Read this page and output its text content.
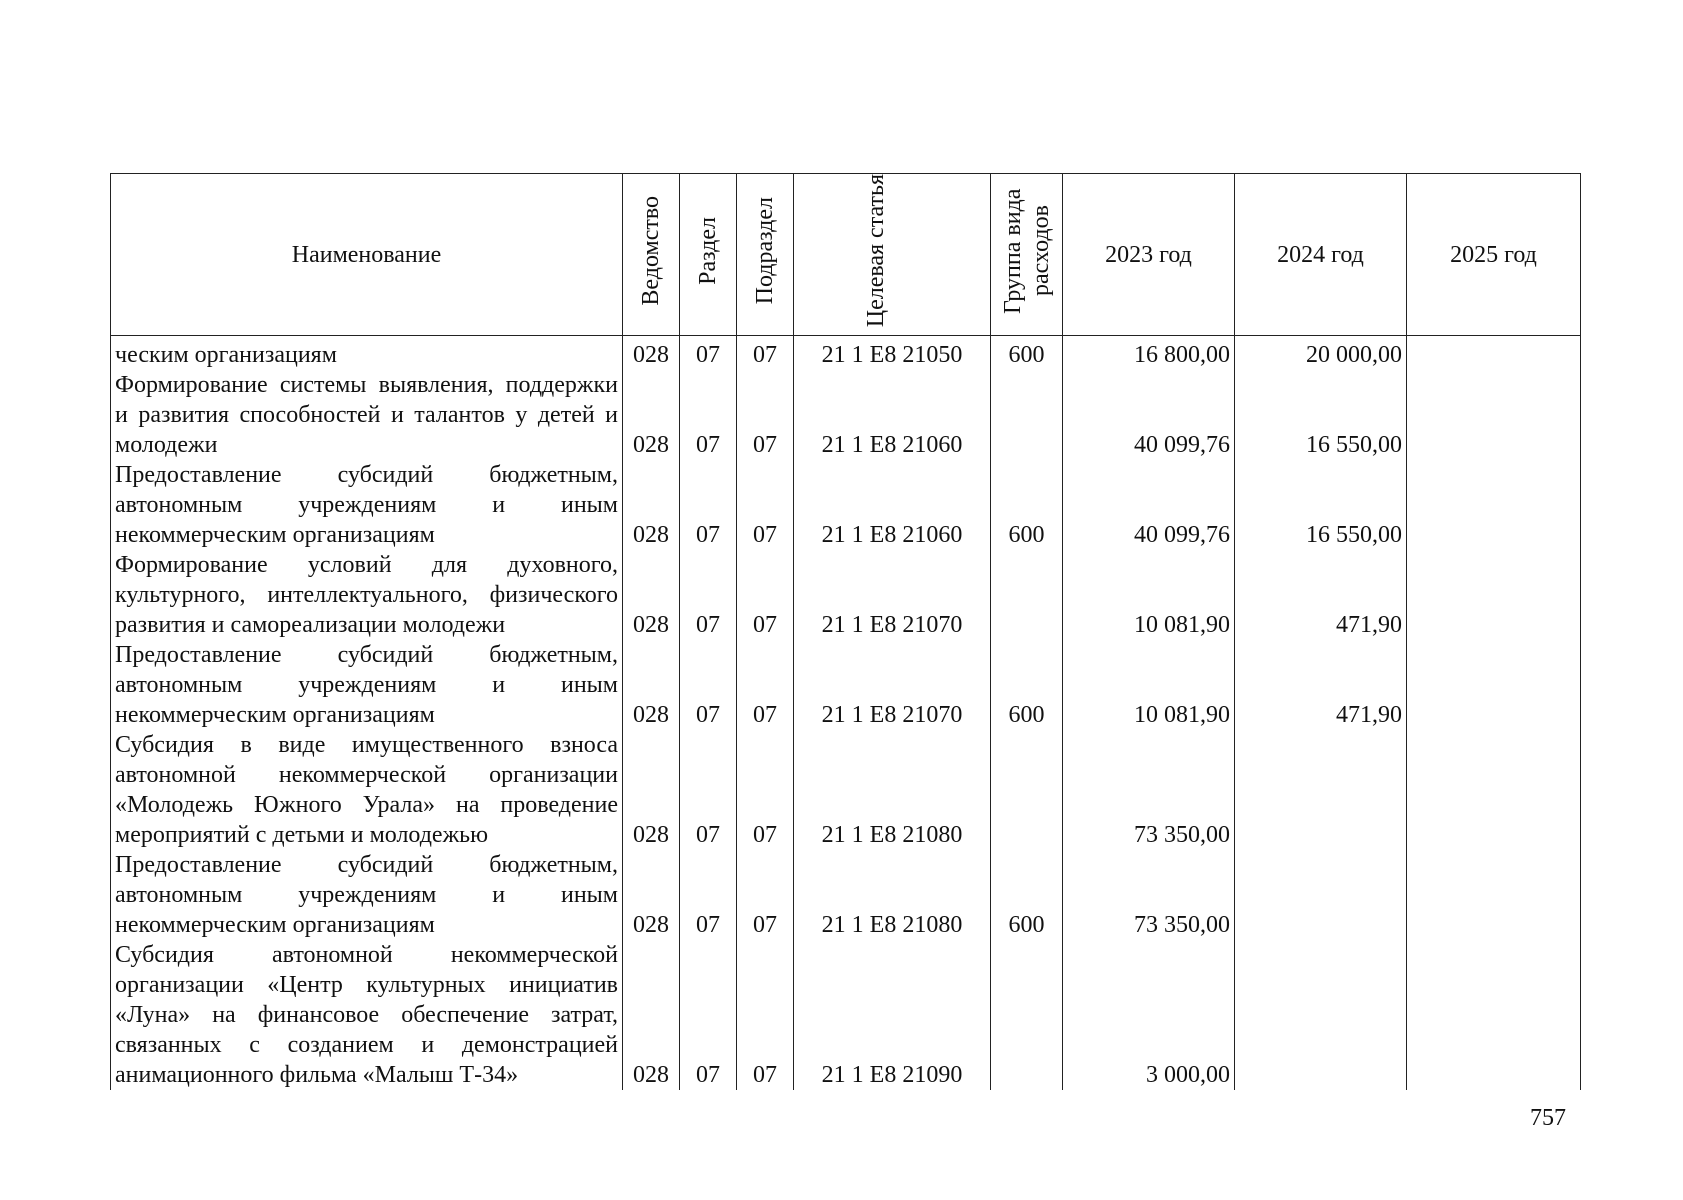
Наименование	Ведомство	Раздел	Подраздел	Целевая статья	Группа вида расходов	2023 год	2024 год	2025 год
ческим организациям	028	07	07	21 1 E8 21050	600	16 800,00	20 000,00	
Формирование системы выявления, поддержки и развития способностей и талантов у детей и молодежи	028	07	07	21 1 E8 21060		40 099,76	16 550,00	
Предоставление субсидий бюджетным, автономным учреждениям и иным некоммерческим организациям	028	07	07	21 1 E8 21060	600	40 099,76	16 550,00	
Формирование условий для духовного, культурного, интеллектуального, физического развития и самореализации молодежи	028	07	07	21 1 E8 21070		10 081,90	471,90	
Предоставление субсидий бюджетным, автономным учреждениям и иным некоммерческим организациям	028	07	07	21 1 E8 21070	600	10 081,90	471,90	
Субсидия в виде имущественного взноса автономной некоммерческой организации «Молодежь Южного Урала» на проведение мероприятий с детьми и молодежью	028	07	07	21 1 E8 21080		73 350,00		
Предоставление субсидий бюджетным, автономным учреждениям и иным некоммерческим организациям	028	07	07	21 1 E8 21080	600	73 350,00		
Субсидия автономной некоммерческой организации «Центр культурных инициатив «Луна» на финансовое обеспечение затрат, связанных с созданием и демонстрацией анимационного фильма «Малыш Т-34»	028	07	07	21 1 E8 21090		3 000,00		
757
